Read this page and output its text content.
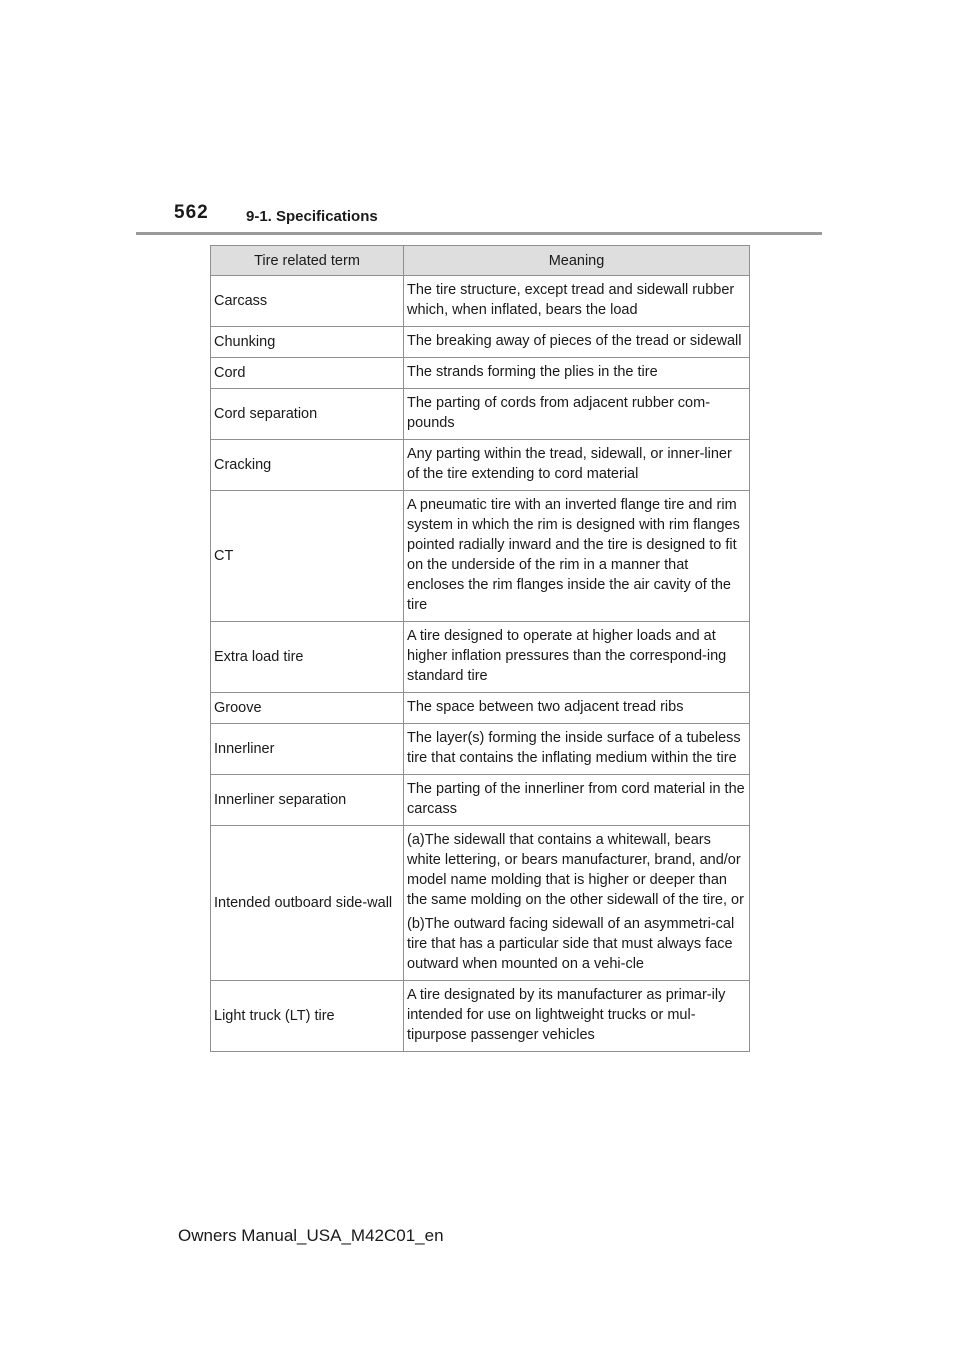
562 9-1. Specifications
Tire related term	Meaning
Carcass	The tire structure, except tread and sidewall rubber which, when inflated, bears the load

Chunking	The breaking away of pieces of the tread or sidewall

Cord	The strands forming the plies in the tire

Cord separation	The parting of cords from adjacent rubber com-pounds

Cracking	Any parting within the tread, sidewall, or inner-liner of the tire extending to cord material

CT	A pneumatic tire with an inverted flange tire and rim system in which the rim is designed with rim flanges pointed radially inward and the tire is designed to fit on the underside of the rim in a manner that encloses the rim flanges inside the air cavity of the tire

Extra load tire	A tire designed to operate at higher loads and at higher inflation pressures than the correspond-ing standard tire

Groove	The space between two adjacent tread ribs

Innerliner	The layer(s) forming the inside surface of a tubeless tire that contains the inflating medium within the tire

Innerliner separation	The parting of the innerliner from cord material in the carcass

Intended outboard side-wall	(a)The sidewall that contains a whitewall, bears white lettering, or bears manufacturer, brand, and/or model name molding that is higher or deeper than the same molding on the other sidewall of the tire, or

(b)The outward facing sidewall of an asymmetri-cal tire that has a particular side that must always face outward when mounted on a vehi-cle

Light truck (LT) tire	A tire designated by its manufacturer as primar-ily intended for use on lightweight trucks or mul-tipurpose passenger vehicles

Owners Manual_USA_M42C01_en
